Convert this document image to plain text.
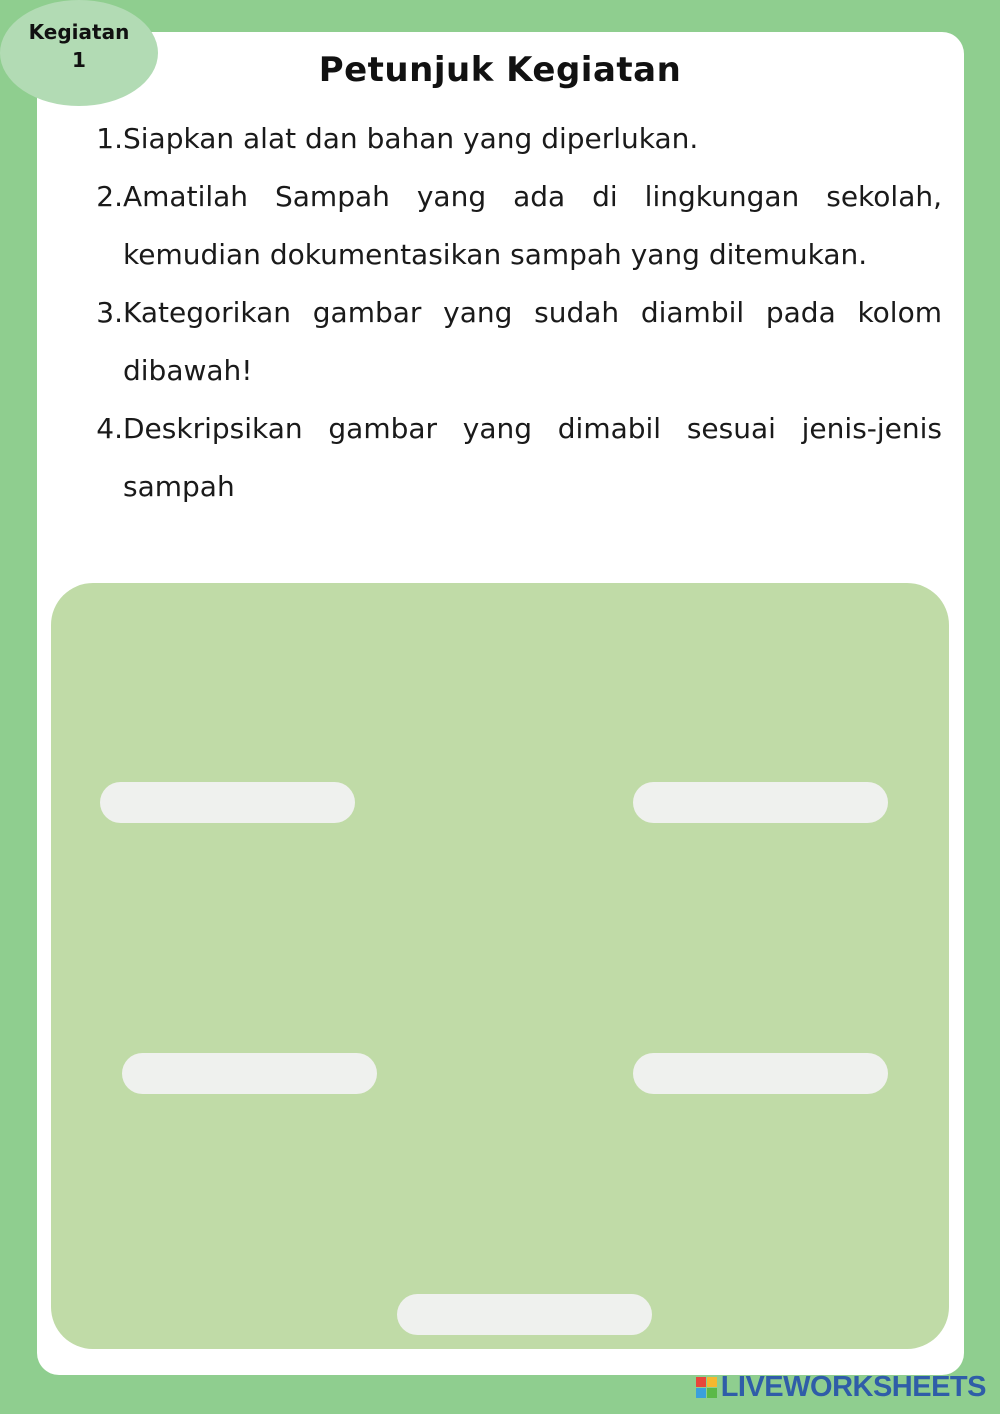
Kegiatan
1	Petunjuk Kegiatan
1. Siapkan alat dan bahan yang diperlukan.
2. Amatilah Sampah yang ada di lingkungan sekolah, kemudian dokumentasikan sampah yang ditemukan.
3. Kategorikan gambar yang sudah diambil pada kolom dibawah!
4. Deskripsikan gambar yang dimabil sesuai jenis-jenis sampah
LIVEWORKSHEETS
